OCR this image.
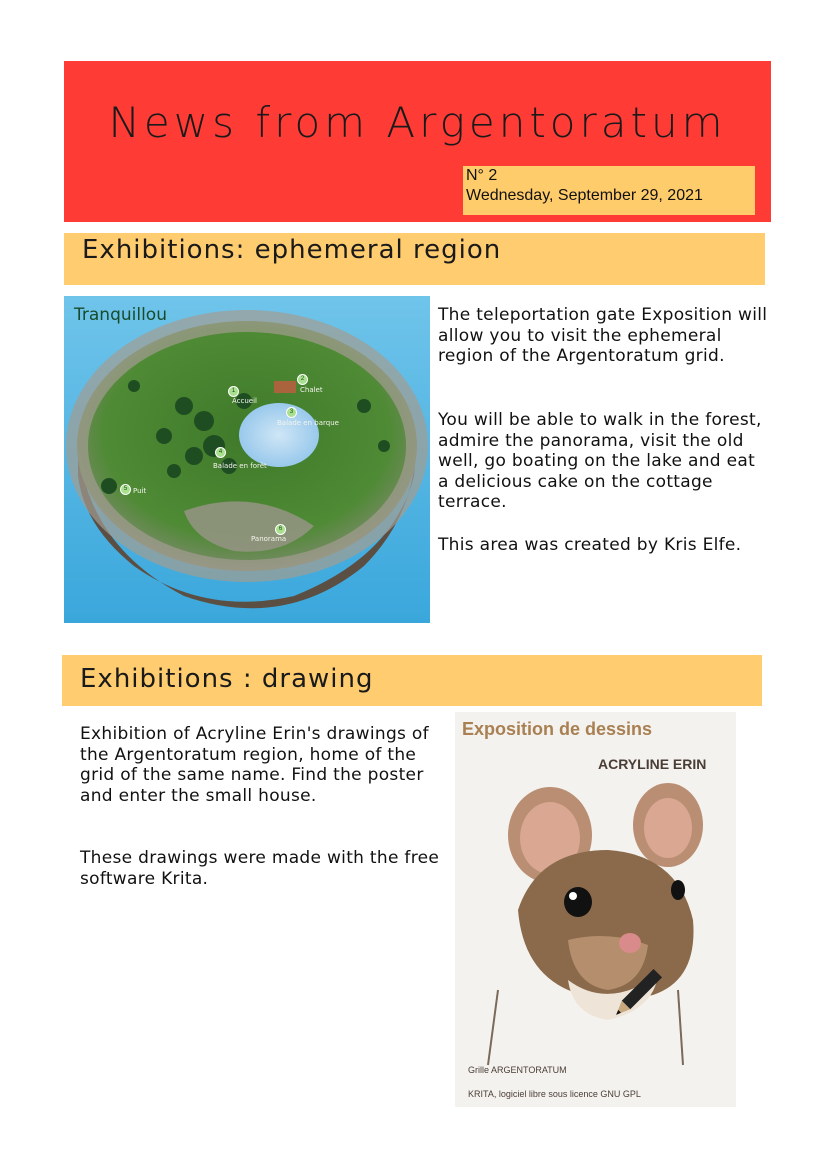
News from Argentoratum
N° 2
Wednesday, September 29, 2021
Exhibitions: ephemeral region
Tranquillou
1
Accueil
2
Chalet
3
Balade en barque
4
Balade en forêt
5 Puit
6
Panorama

The teleportation gate Exposition will allow you to visit the ephemeral region of the Argentoratum grid.

You will be able to walk in the forest, admire the panorama, visit the old well, go boating on the lake and eat a delicious cake on the cottage terrace.

This area was created by Kris Elfe.

Exhibitions : drawing

Exhibition of Acryline Erin's drawings of the Argentoratum region, home of the grid of the same name. Find the poster and enter the small house.

These drawings were made with the free software Krita.

Exposition de dessins
ACRYLINE ERIN
Grille ARGENTORATUM
KRITA, logiciel libre sous licence GNU GPL
